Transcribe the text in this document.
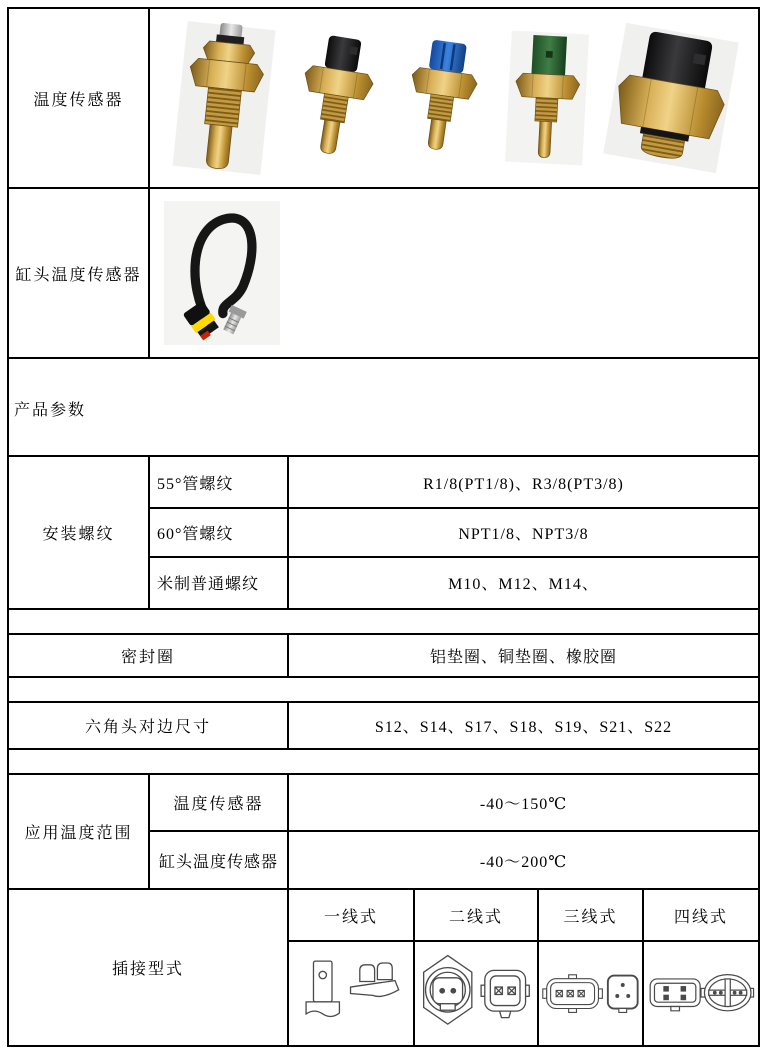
温度传感器
缸头温度传感器
产品参数
安装螺纹
55°管螺纹	R1/8(PT1/8)、R3/8(PT3/8)
60°管螺纹	NPT1/8、NPT3/8
米制普通螺纹	M10、M12、M14、
密封圈	铝垫圈、铜垫圈、橡胶圈
六角头对边尺寸	S12、S14、S17、S18、S19、S21、S22
应用温度范围
温度传感器	-40～150℃
缸头温度传感器	-40～200℃
插接型式
一线式	二线式	三线式	四线式
